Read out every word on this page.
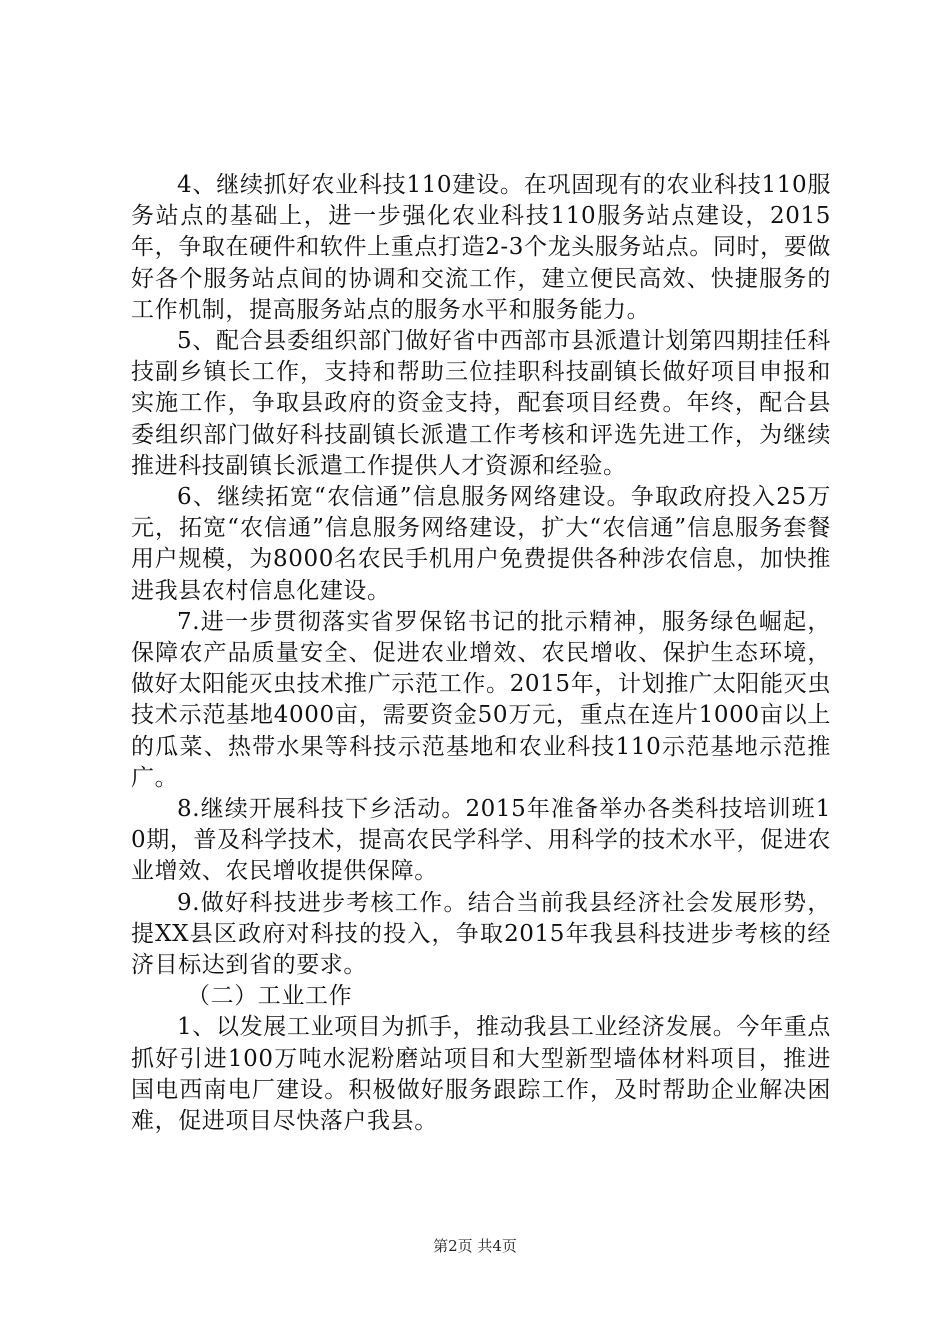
4、继续抓好农业科技110建设。在巩固现有的农业科技110服务站点的基础上，进一步强化农业科技110服务站点建设，2015年，争取在硬件和软件上重点打造2-3个龙头服务站点。同时，要做好各个服务站点间的协调和交流工作，建立便民高效、快捷服务的工作机制，提高服务站点的服务水平和服务能力。

5、配合县委组织部门做好省中西部市县派遣计划第四期挂任科技副乡镇长工作，支持和帮助三位挂职科技副镇长做好项目申报和实施工作，争取县政府的资金支持，配套项目经费。年终，配合县委组织部门做好科技副镇长派遣工作考核和评选先进工作，为继续推进科技副镇长派遣工作提供人才资源和经验。

6、继续拓宽“农信通”信息服务网络建设。争取政府投入25万元，拓宽“农信通”信息服务网络建设，扩大“农信通”信息服务套餐用户规模，为8000名农民手机用户免费提供各种涉农信息，加快推进我县农村信息化建设。

7.进一步贯彻落实省罗保铭书记的批示精神，服务绿色崛起，保障农产品质量安全、促进农业增效、农民增收、保护生态环境，做好太阳能灭虫技术推广示范工作。2015年，计划推广太阳能灭虫技术示范基地4000亩，需要资金50万元，重点在连片1000亩以上的瓜菜、热带水果等科技示范基地和农业科技110示范基地示范推广。

8.继续开展科技下乡活动。2015年准备举办各类科技培训班10期，普及科学技术，提高农民学科学、用科学的技术水平，促进农业增效、农民增收提供保障。

9.做好科技进步考核工作。结合当前我县经济社会发展形势，提XX县区政府对科技的投入，争取2015年我县科技进步考核的经济目标达到省的要求。

（二）工业工作

1、以发展工业项目为抓手，推动我县工业经济发展。今年重点抓好引进100万吨水泥粉磨站项目和大型新型墙体材料项目，推进国电西南电厂建设。积极做好服务跟踪工作，及时帮助企业解决困难，促进项目尽快落户我县。

第2页 共4页
